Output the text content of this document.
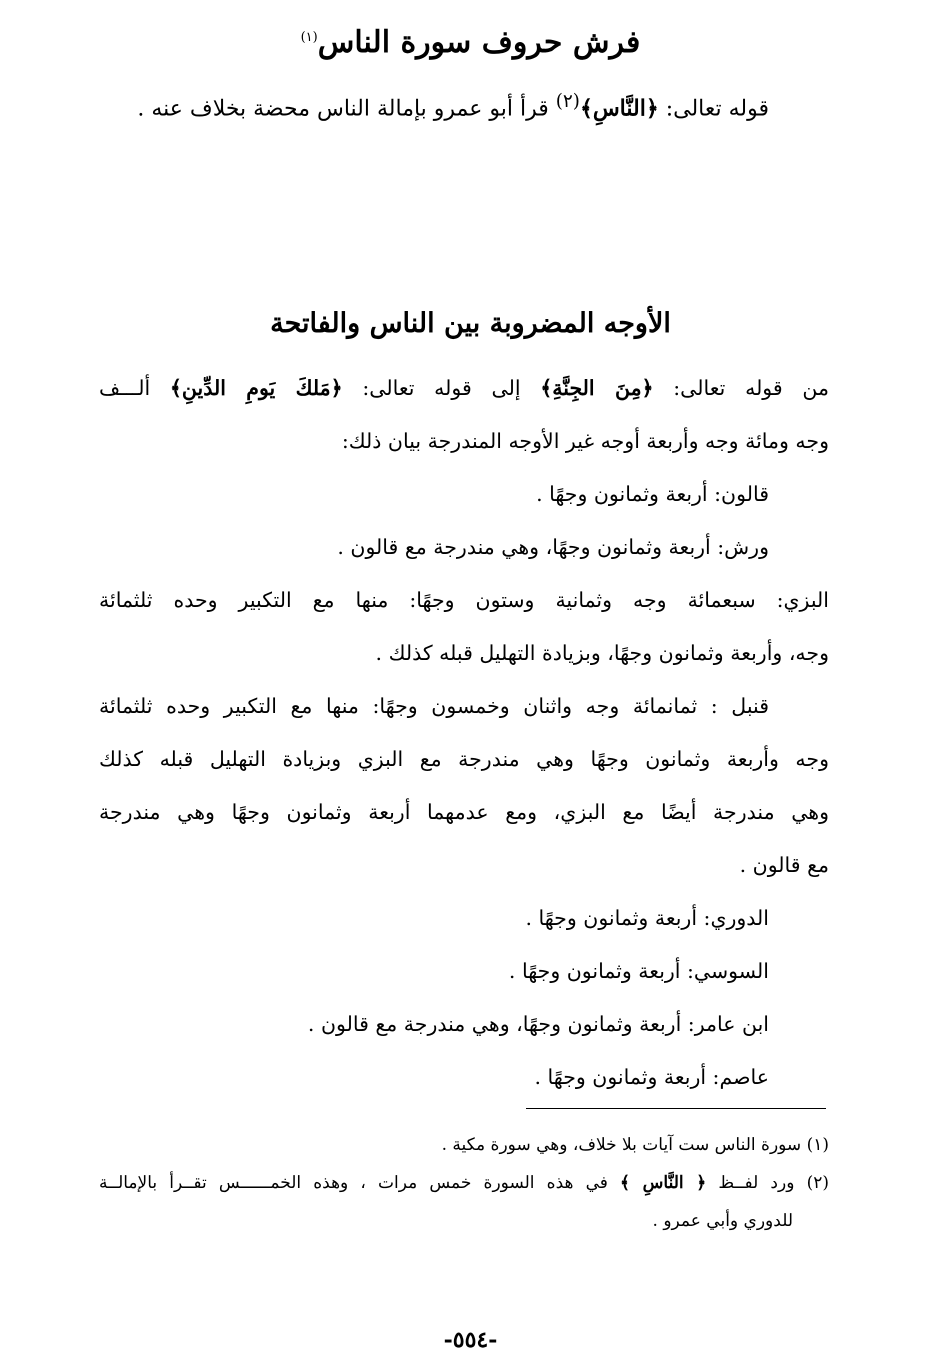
فرش حروف سورة الناس$^{(١)}$
قوله تعالى: ﴿النَّاسِ﴾$^{(٢)}$ قرأ أبو عمرو بإمالة الناس محضة بخلاف عنه .
الأوجه المضروبة بين الناس والفاتحة
من قوله تعالى: ﴿مِنَ الجِنَّةِ﴾ إلى قوله تعالى: ﴿مَلكَ يَومِ الدِّينِ﴾ ألـــف
وجه ومائة وجه وأربعة أوجه غير الأوجه المندرجة بيان ذلك:
قالون: أربعة وثمانون وجهًا .
ورش: أربعة وثمانون وجهًا، وهي مندرجة مع قالون .
البزي: سبعمائة وجه وثمانية وستون وجهًا: منها مع التكبير وحده ثلثمائة
وجه، وأربعة وثمانون وجهًا، وبزيادة التهليل قبله كذلك .
قنبل : ثمانمائة وجه واثنان وخمسون وجهًا: منها مع التكبير وحده ثلثمائة
وجه وأربعة وثمانون وجهًا وهي مندرجة مع البزي وبزيادة التهليل قبله كذلك
وهي مندرجة أيضًا مع البزي، ومع عدمهما أربعة وثمانون وجهًا وهي مندرجة
مع قالون .
الدوري: أربعة وثمانون وجهًا .
السوسي: أربعة وثمانون وجهًا .
ابن عامر: أربعة وثمانون وجهًا، وهي مندرجة مع قالون .
عاصم: أربعة وثمانون وجهًا .
(١) سورة الناس ست آيات بلا خلاف، وهي سورة مكية .
(٢) ورد لفــظ ﴿ النَّاسِ ﴾ في هذه السورة خمس مرات ، وهذه الخمــــــس تقــرأ بالإمالــة
للدوري وأبي عمرو .
-٥٥٤-
